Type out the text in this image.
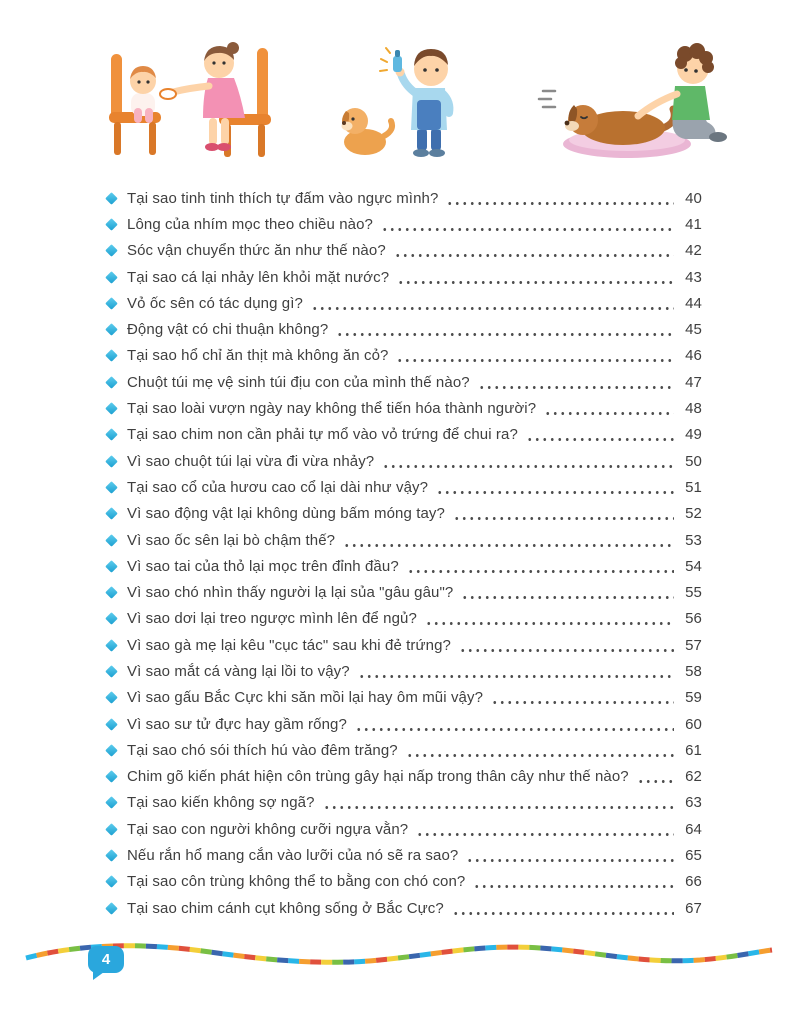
Tại sao tinh tinh thích tự đấm vào ngực mình?	40
Lông của nhím mọc theo chiều nào?	41
Sóc vận chuyển thức ăn như thế nào?	42
Tại sao cá lại nhảy lên khỏi mặt nước?	43
Vỏ ốc sên có tác dụng gì?	44
Động vật có chi thuận không?	45
Tại sao hổ chỉ ăn thịt mà không ăn cỏ?	46
Chuột túi mẹ vệ sinh túi địu con của mình thế nào?	47
Tại sao loài vượn ngày nay không thể tiến hóa thành người?	48
Tại sao chim non cần phải tự mổ vào vỏ trứng để chui ra?	49
Vì sao chuột túi lại vừa đi vừa nhảy?	50
Tại sao cổ của hươu cao cổ lại dài như vậy?	51
Vì sao động vật lại không dùng bấm móng tay?	52
Vì sao ốc sên lại bò chậm thế?	53
Vì sao tai của thỏ lại mọc trên đỉnh đầu?	54
Vì sao chó nhìn thấy người lạ lại sủa "gâu gâu"?	55
Vì sao dơi lại treo ngược mình lên để ngủ?	56
Vì sao gà mẹ lại kêu "cục tác" sau khi đẻ trứng?	57
Vì sao mắt cá vàng lại lồi to vậy?	58
Vì sao gấu Bắc Cực khi săn mồi lại hay ôm mũi vậy?	59
Vì sao sư tử đực hay gầm rống?	60
Tại sao chó sói thích hú vào đêm trăng?	61
Chim gõ kiến phát hiện côn trùng gây hại nấp trong thân cây như thế nào?	62
Tại sao kiến không sợ ngã?	63
Tại sao con người không cưỡi ngựa vằn?	64
Nếu rắn hổ mang cắn vào lưỡi của nó sẽ ra sao?	65
Tại sao côn trùng không thể to bằng con chó con?	66
Tại sao chim cánh cụt không sống ở Bắc Cực?	67
4
